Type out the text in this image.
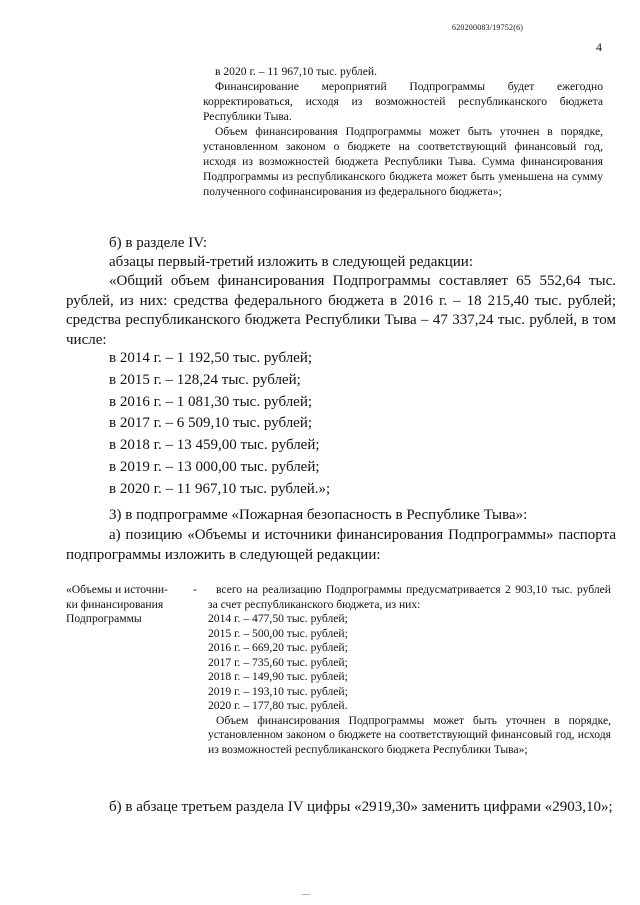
620200083/19752(6)
4

в 2020 г. – 11 967,10 тыс. рублей.

Финансирование мероприятий Подпрограммы будет ежегодно корректироваться, исходя из возможностей республиканского бюджета Республики Тыва.

Объем финансирования Подпрограммы может быть уточнен в порядке, установленном законом о бюджете на соответствующий финансовый год, исходя из возможностей бюджета Республики Тыва. Сумма финансирования Подпрограммы из республиканского бюджета может быть уменьшена на сумму полученного софинансирования из федерального бюджета»;

б) в разделе IV:
абзацы первый-третий изложить в следующей редакции:
«Общий объем финансирования Подпрограммы составляет 65 552,64 тыс. рублей, из них: средства федерального бюджета в 2016 г. – 18 215,40 тыс. рублей; средства республиканского бюджета Республики Тыва – 47 337,24 тыс. рублей, в том числе:
в 2014 г. – 1 192,50 тыс. рублей;
в 2015 г. – 128,24 тыс. рублей;
в 2016 г. – 1 081,30 тыс. рублей;
в 2017 г. – 6 509,10 тыс. рублей;
в 2018 г. – 13 459,00 тыс. рублей;
в 2019 г. – 13 000,00 тыс. рублей;
в 2020 г. – 11 967,10 тыс. рублей.»;
3) в подпрограмме «Пожарная безопасность в Республике Тыва»:
а) позицию «Объемы и источники финансирования Подпрограммы» паспорта подпрограммы изложить в следующей редакции:
«Объемы и источни-
ки финансирования
Подпрограммы
-	всего на реализацию Подпрограммы предусматривается 2 903,10 тыс. рублей за счет республиканского бюджета, из них:

2014 г. – 477,50 тыс. рублей;

2015 г. – 500,00 тыс. рублей;

2016 г. – 669,20 тыс. рублей;

2017 г. – 735,60 тыс. рублей;

2018 г. – 149,90 тыс. рублей;

2019 г. – 193,10 тыс. рублей;

2020 г. – 177,80 тыс. рублей.

Объем финансирования Подпрограммы может быть уточнен в порядке, установленном законом о бюджете на соответствующий финансовый год, исходя из возможностей республиканского бюджета Республики Тыва»;

б) в абзаце третьем раздела IV цифры «2919,30» заменить цифрами «2903,10»;
—
